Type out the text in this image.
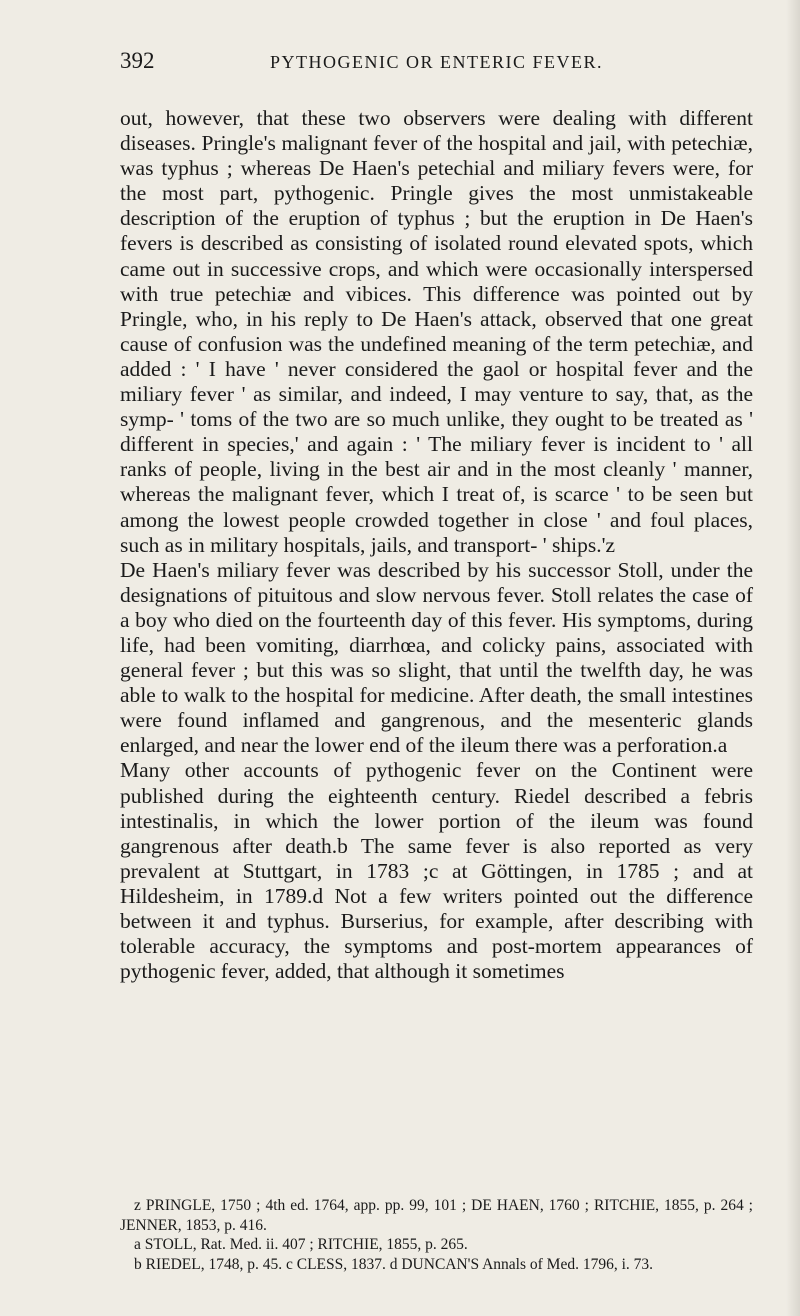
392	PYTHOGENIC OR ENTERIC FEVER.

out, however, that these two observers were dealing with different diseases. Pringle's malignant fever of the hospital and jail, with petechiæ, was typhus ; whereas De Haen's petechial and miliary fevers were, for the most part, pythogenic. Pringle gives the most unmistakeable description of the eruption of typhus ; but the eruption in De Haen's fevers is described as consisting of isolated round elevated spots, which came out in successive crops, and which were occasionally interspersed with true petechiæ and vibices. This difference was pointed out by Pringle, who, in his reply to De Haen's attack, observed that one great cause of confusion was the undefined meaning of the term petechiæ, and added : ' I have ' never considered the gaol or hospital fever and the miliary fever ' as similar, and indeed, I may venture to say, that, as the symp- ' toms of the two are so much unlike, they ought to be treated as ' different in species,' and again : ' The miliary fever is incident to ' all ranks of people, living in the best air and in the most cleanly ' manner, whereas the malignant fever, which I treat of, is scarce ' to be seen but among the lowest people crowded together in close ' and foul places, such as in military hospitals, jails, and transport- ' ships.'z

De Haen's miliary fever was described by his successor Stoll, under the designations of pituitous and slow nervous fever. Stoll relates the case of a boy who died on the fourteenth day of this fever. His symptoms, during life, had been vomiting, diarrhœa, and colicky pains, associated with general fever ; but this was so slight, that until the twelfth day, he was able to walk to the hospital for medicine. After death, the small intestines were found inflamed and gangrenous, and the mesenteric glands enlarged, and near the lower end of the ileum there was a perforation.a

Many other accounts of pythogenic fever on the Continent were published during the eighteenth century. Riedel described a febris intestinalis, in which the lower portion of the ileum was found gangrenous after death.b The same fever is also reported as very prevalent at Stuttgart, in 1783 ;c at Göttingen, in 1785 ; and at Hildesheim, in 1789.d Not a few writers pointed out the difference between it and typhus. Burserius, for example, after describing with tolerable accuracy, the symptoms and post-mortem appearances of pythogenic fever, added, that although it sometimes

z PRINGLE, 1750 ; 4th ed. 1764, app. pp. 99, 101 ; DE HAEN, 1760 ; RITCHIE, 1855, p. 264 ; JENNER, 1853, p. 416.

a STOLL, Rat. Med. ii. 407 ; RITCHIE, 1855, p. 265.

b RIEDEL, 1748, p. 45. c CLESS, 1837. d DUNCAN'S Annals of Med. 1796, i. 73.
